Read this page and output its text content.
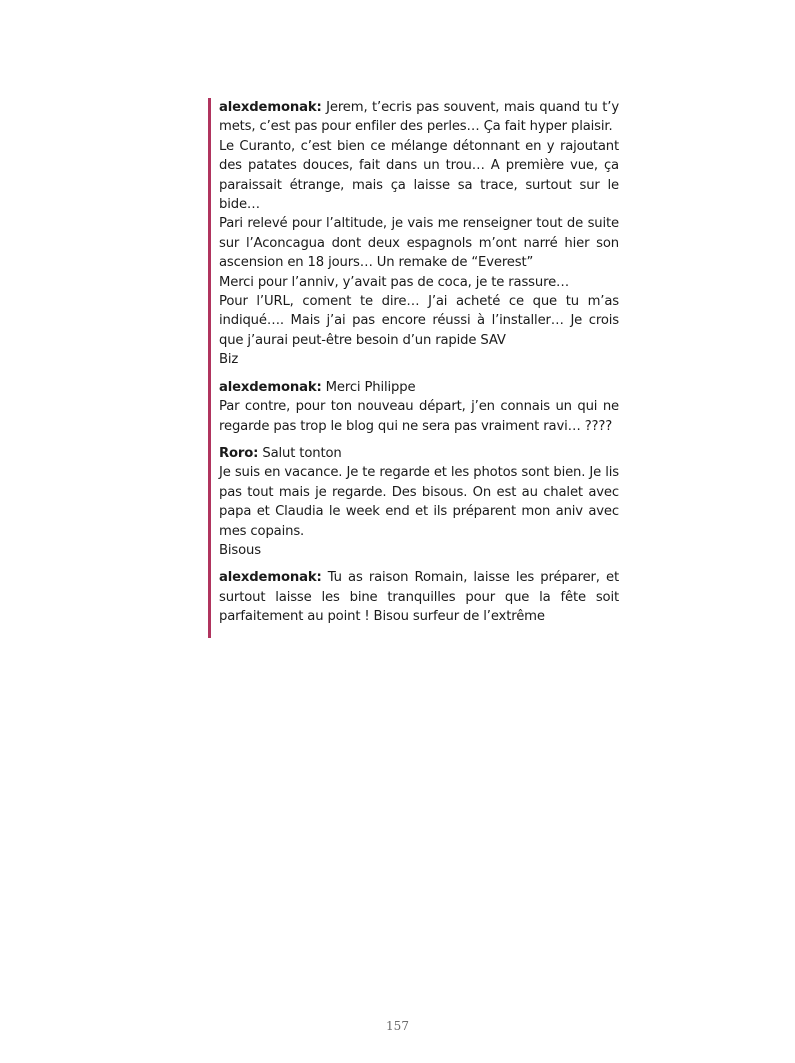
alexdemonak: Jerem, t’ecris pas souvent, mais quand tu t’y mets, c’est pas pour enfiler des perles… Ça fait hyper plaisir.

Le Curanto, c’est bien ce mélange détonnant en y rajoutant des patates douces, fait dans un trou… A première vue, ça paraissait étrange, mais ça laisse sa trace, surtout sur le bide…

Pari relevé pour l’altitude, je vais me renseigner tout de suite sur l’Aconcagua dont deux espagnols m’ont narré hier son ascension en 18 jours… Un remake de “Everest”

Merci pour l’anniv, y’avait pas de coca, je te rassure…

Pour l’URL, coment te dire… J’ai acheté ce que tu m’as indiqué…. Mais j’ai pas encore réussi à l’installer… Je crois que j’aurai peut-être besoin d’un rapide SAV

Biz

alexdemonak: Merci Philippe

Par contre, pour ton nouveau départ, j’en connais un qui ne regarde pas trop le blog qui ne sera pas vraiment ravi… ????

Roro: Salut tonton

Je suis en vacance. Je te regarde et les photos sont bien. Je lis pas tout mais je regarde. Des bisous. On est au chalet avec papa et Claudia le week end et ils préparent mon aniv avec mes copains.

Bisous

alexdemonak: Tu as raison Romain, laisse les préparer, et surtout laisse les bine tranquilles pour que la fête soit parfaitement au point ! Bisou surfeur de l’extrême

157
